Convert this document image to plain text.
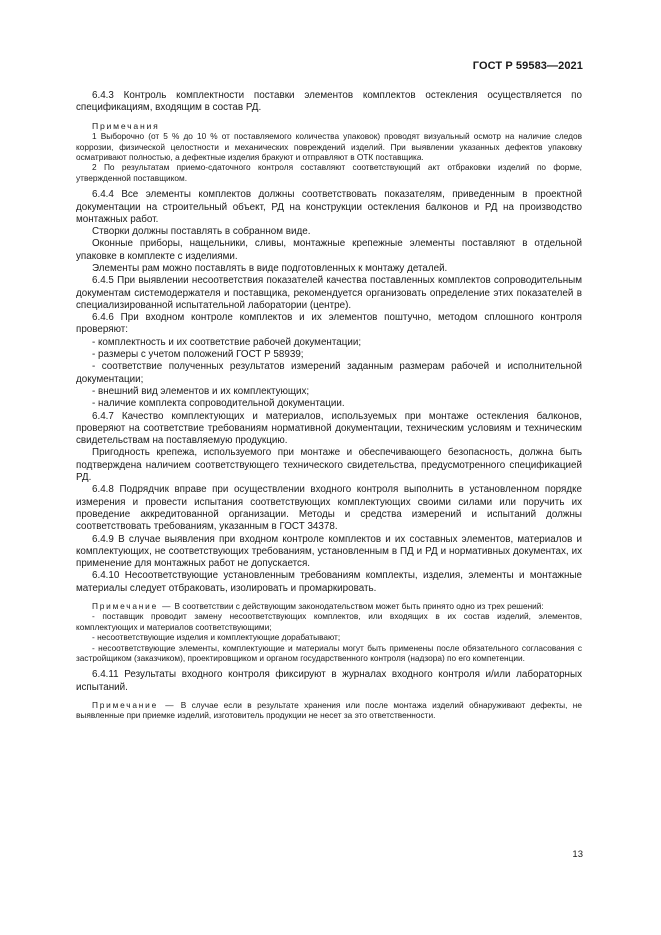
ГОСТ Р 59583—2021

6.4.3 Контроль комплектности поставки элементов комплектов остекления осуществляется по спецификациям, входящим в состав РД.

Примечания

1 Выборочно (от 5 % до 10 % от поставляемого количества упаковок) проводят визуальный осмотр на наличие следов коррозии, физической целостности и механических повреждений изделий. При выявлении указанных дефектов упаковку осматривают полностью, а дефектные изделия бракуют и отправляют в ОТК поставщика.

2 По результатам приемо-сдаточного контроля составляют соответствующий акт отбраковки изделий по форме, утвержденной поставщиком.

6.4.4 Все элементы комплектов должны соответствовать показателям, приведенным в проектной документации на строительный объект, РД на конструкции остекления балконов и РД на производство монтажных работ.

Створки должны поставлять в собранном виде.

Оконные приборы, нащельники, сливы, монтажные крепежные элементы поставляют в отдельной упаковке в комплекте с изделиями.

Элементы рам можно поставлять в виде подготовленных к монтажу деталей.

6.4.5 При выявлении несоответствия показателей качества поставленных комплектов сопроводительным документам системодержателя и поставщика, рекомендуется организовать определение этих показателей в специализированной испытательной лаборатории (центре).

6.4.6 При входном контроле комплектов и их элементов поштучно, методом сплошного контроля проверяют:

- комплектность и их соответствие рабочей документации;

- размеры с учетом положений ГОСТ Р 58939;

- соответствие полученных результатов измерений заданным размерам рабочей и исполнительной документации;

- внешний вид элементов и их комплектующих;

- наличие комплекта сопроводительной документации.

6.4.7 Качество комплектующих и материалов, используемых при монтаже остекления балконов, проверяют на соответствие требованиям нормативной документации, техническим условиям и техническим свидетельствам на поставляемую продукцию.

Пригодность крепежа, используемого при монтаже и обеспечивающего безопасность, должна быть подтверждена наличием соответствующего технического свидетельства, предусмотренного спецификацией РД.

6.4.8 Подрядчик вправе при осуществлении входного контроля выполнить в установленном порядке измерения и провести испытания соответствующих комплектующих своими силами или поручить их проведение аккредитованной организации. Методы и средства измерений и испытаний должны соответствовать требованиям, указанным в ГОСТ 34378.

6.4.9 В случае выявления при входном контроле комплектов и их составных элементов, материалов и комплектующих, не соответствующих требованиям, установленным в ПД и РД и нормативных документах, их применение для монтажных работ не допускается.

6.4.10 Несоответствующие установленным требованиям комплекты, изделия, элементы и монтажные материалы следует отбраковать, изолировать и промаркировать.

Примечание — В соответствии с действующим законодательством может быть принято одно из трех решений:

- поставщик проводит замену несоответствующих комплектов, или входящих в их состав изделий, элементов, комплектующих и материалов соответствующими;

- несоответствующие изделия и комплектующие дорабатывают;

- несоответствующие элементы, комплектующие и материалы могут быть применены после обязательного согласования с застройщиком (заказчиком), проектировщиком и органом государственного контроля (надзора) по его компетенции.

6.4.11 Результаты входного контроля фиксируют в журналах входного контроля и/или лабораторных испытаний.

Примечание — В случае если в результате хранения или после монтажа изделий обнаруживают дефекты, не выявленные при приемке изделий, изготовитель продукции не несет за это ответственности.

13
